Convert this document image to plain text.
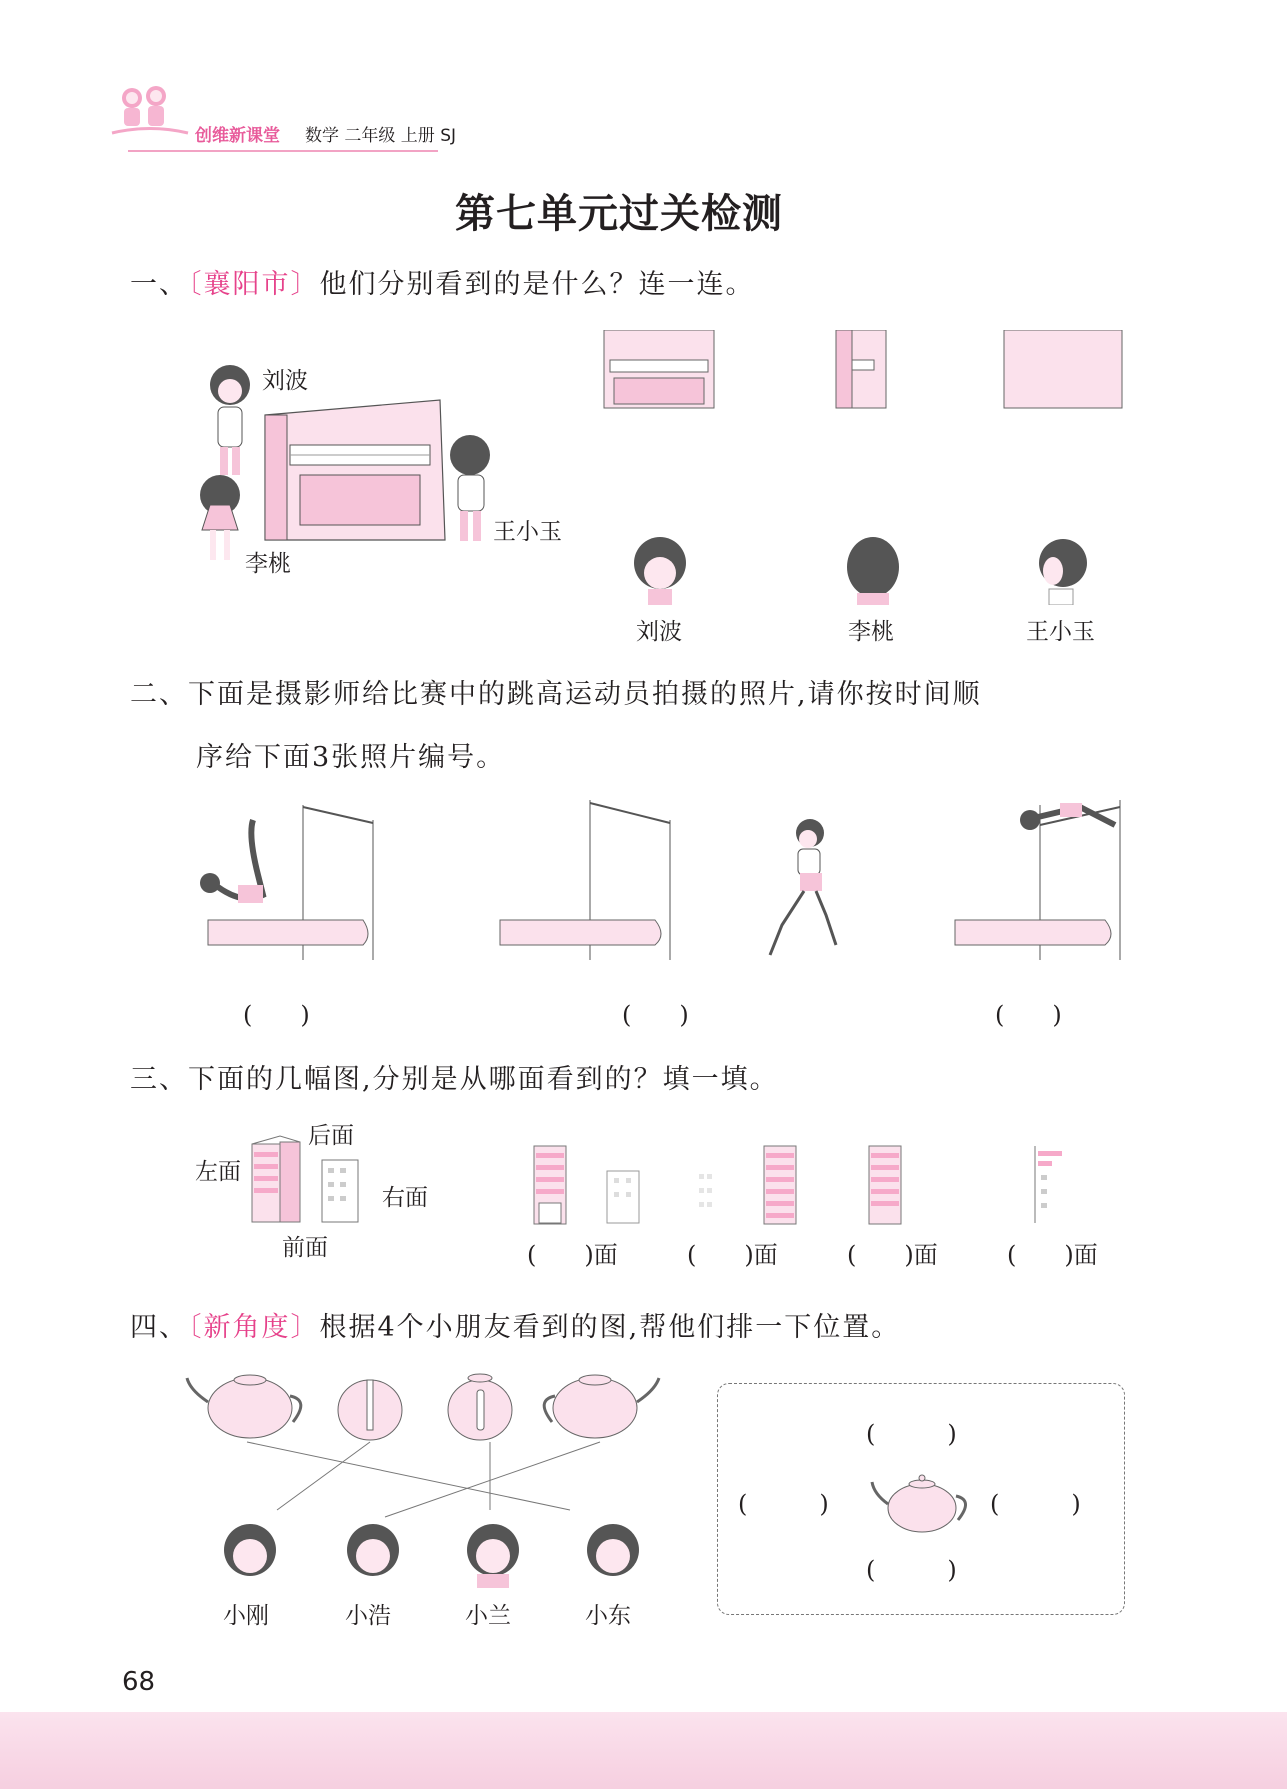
创维新课堂 数学 二年级 上册 SJ
第七单元过关检测
一、〔襄阳市〕他们分别看到的是什么？连一连。
刘波
李桃
王小玉
刘波	李桃	王小玉
二、下面是摄影师给比赛中的跳高运动员拍摄的照片,请你按时间顺
序给下面3张照片编号。
(　　)	(　　)	(　　)
三、下面的几幅图,分别是从哪面看到的？填一填。
后面
左面
右面
前面	(　　)面	(　　)面	(　　)面	(　　)面
四、〔新角度〕根据4个小朋友看到的图,帮他们排一下位置。
小刚	小浩	小兰	小东
(　　　)
(　　　)	(　　　)
(　　　)
68
